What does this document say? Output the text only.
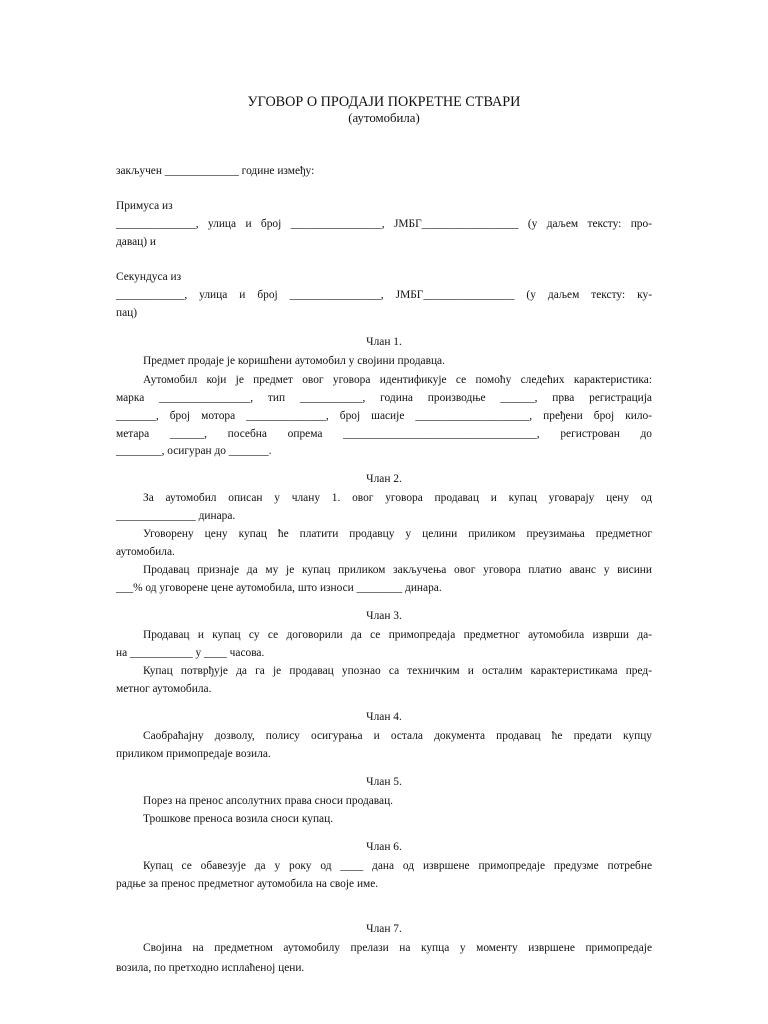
УГОВОР О ПРОДАЈИ ПОКРЕТНЕ СТВАРИ
(аутомобила)
закључен _____________ године између:
Примуса из
______________, улица и број ________________, ЈМБГ_________________ (у даљем тексту: про-
давац) и
Секундуса из
____________, улица и број ________________, ЈМБГ________________ (у даљем тексту: ку-
пац)
Члан 1.
Предмет продаје је коришћени аутомобил у својини продавца.
Аутомобил који је предмет овог уговора идентификује се помоћу следећих карактеристика:
марка ________________, тип ___________, година производње ______, прва регистрација
_______, број мотора ______________, број шасије ____________________, пређени број кило-
метара ______, посебна опрема __________________________________, регистрован до
________, осигуран до _______.
Члан 2.
За аутомобил описан у члану 1. овог уговора продавац и купац уговарају цену од
______________ динара.
Уговорену цену купац ће платити продавцу у целини приликом преузимања предметног
аутомобила.
Продавац признаје да му је купац приликом закључења овог уговора платио аванс у висини
___% од уговорене цене аутомобила, што износи ________ динара.
Члан 3.
Продавац и купац су се договорили да се примопредаја предметног аутомобила изврши да-
на ___________ у ____ часова.
Купац потврђује да га је продавац упознао са техничким и осталим карактеристикама пред-
метног аутомобила.
Члан 4.
Саобраћајну дозволу, полису осигурања и остала документа продавац ће предати купцу
приликом примопредаје возила.
Члан 5.
Порез на пренос апсолутних права сноси продавац.
Трошкове преноса возила сноси купац.
Члан 6.
Купац се обавезује да у року од ____ дана од извршене примопредаје предузме потребне
радње за пренос предметног аутомобила на своје име.
Члан 7.
Својина на предметном аутомобилу прелази на купца у моменту извршене примопредаје
возила, по претходно исплаћеној цени.
